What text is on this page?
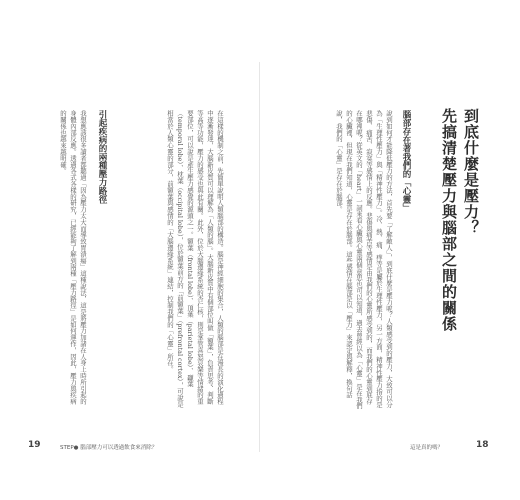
到底什麼是壓力？
先搞清楚壓力與腦部之間的關係
腦部存在著我們的「心靈」
說到如何才能降低壓力的方法，首先要「了解敵人」，到底什麼是壓力呢？人類感受到的壓力，大致可以分為「生理性壓力」與「精神性壓力」。冷、熱、痛、痒等是屬於生理性壓力，另一方面，精神性壓力指的是悲傷、痛苦、寂寞等感情上的反應。悲傷與痛苦等感情是由我們的心靈所感受到的，而我們的心靈到底存在哪裡呢？從英文的「heart」一詞來看心臟與心靈兩個意思也可以知道，過去曾經以為「心靈」是在我們的心臟裡，但現在我們知道，心靈是存在於腦部。這些感情在腦部是以「壓力」來認定與解釋，換句話說，我們的「心靈」是存在於腦部。
在這樣的機制之前，先簡單說明人類腦部的構造。腦是神經細胞的集合，人類的腦部是在漫長的演化過程中逐漸發達，大腦新皮質可以理解為「人類的腦」。大腦新皮質中有個部位叫做「額葉」，負責思考、判斷等高等功能，壓力的感受也與此有關。此外，位於大腦邊緣系統的杏仁核，則是掌管喜怒哀樂等情緒的重要部位，可以說是產生壓力感覺的源頭之一。額葉（frontal lobe）、頂葉（parietal lobe）、顳葉（temporal lobe）、枕葉（occipital lobe），位於額葉前方的「前額葉」（prefrontal cortex），可說是相當於人類心靈的部分，前額葉與感情的「大腦邊緣系統」連結，控制我們的「心靈」所在。
引起疾病的兩種壓力路徑
我想應該很多讀者都聽過「因為壓力太大而導致胃潰瘍」這種說法，這是將壓力加諸在人身上時所引起的身體內部反應。透過各式各樣的研究，已經能夠了解到兩種「壓力路徑」是如何運作，因此，壓力與疾病的關係也越來越明確。
19	STEP● 腦部壓力可以透過飲食來消除？	這是真的嗎？	18
